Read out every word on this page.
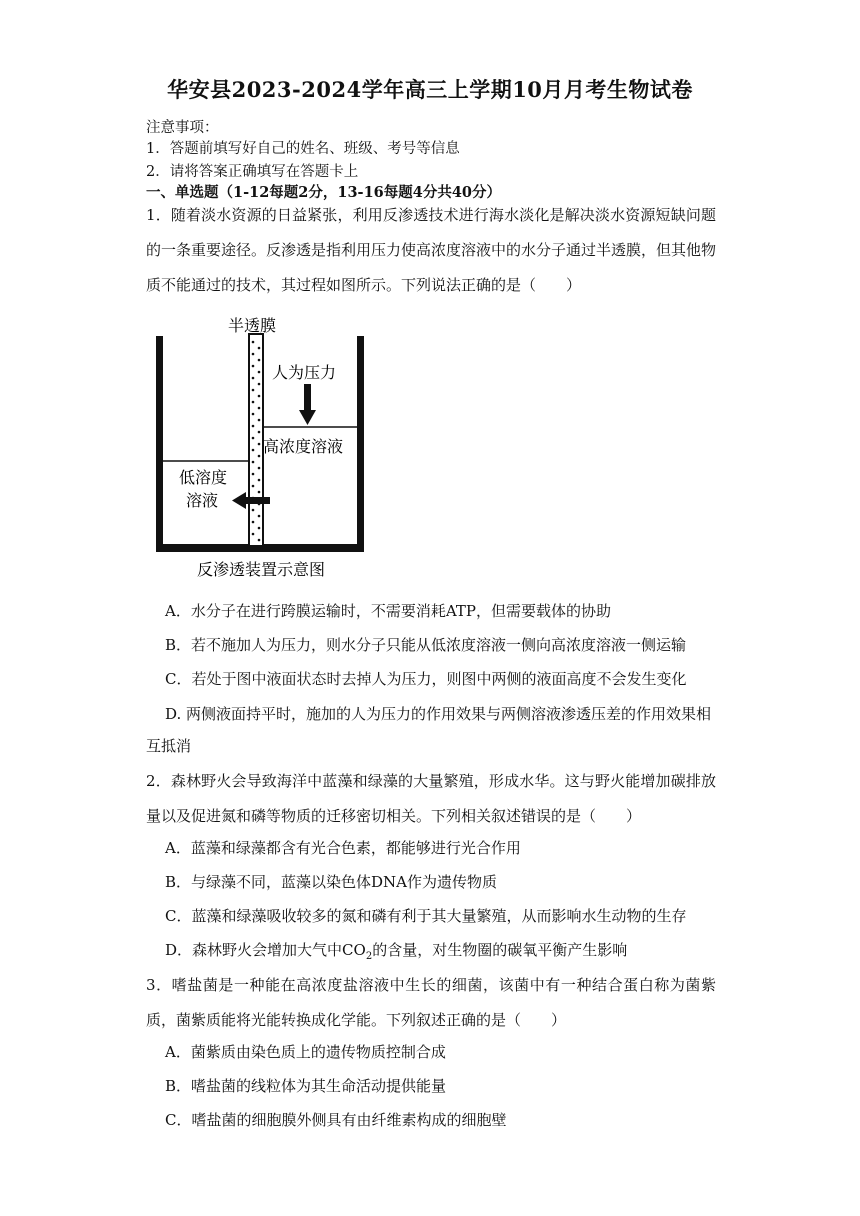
华安县2023-2024学年高三上学期10月月考生物试卷
注意事项：
1．答题前填写好自己的姓名、班级、考号等信息
2．请将答案正确填写在答题卡上
一、单选题（1-12每题2分，13-16每题4分共40分）

1．随着淡水资源的日益紧张，利用反渗透技术进行海水淡化是解决淡水资源短缺问题的一条重要途径。反渗透是指利用压力使高浓度溶液中的水分子通过半透膜，但其他物质不能通过的技术，其过程如图所示。下列说法正确的是（　　）

半透膜
人为压力
高浓度溶液
低溶度
溶液
反渗透装置示意图

A．水分子在进行跨膜运输时，不需要消耗ATP，但需要载体的协助

B．若不施加人为压力，则水分子只能从低浓度溶液一侧向高浓度溶液一侧运输

C．若处于图中液面状态时去掉人为压力，则图中两侧的液面高度不会发生变化

D. 两侧液面持平时，施加的人为压力的作用效果与两侧溶液渗透压差的作用效果相

互抵消

2．森林野火会导致海洋中蓝藻和绿藻的大量繁殖，形成水华。这与野火能增加碳排放量以及促进氮和磷等物质的迁移密切相关。下列相关叙述错误的是（　　）

A．蓝藻和绿藻都含有光合色素，都能够进行光合作用

B．与绿藻不同，蓝藻以染色体DNA作为遗传物质

C．蓝藻和绿藻吸收较多的氮和磷有利于其大量繁殖，从而影响水生动物的生存

D．森林野火会增加大气中$CO_2$的含量，对生物圈的碳氧平衡产生影响

3．嗜盐菌是一种能在高浓度盐溶液中生长的细菌，该菌中有一种结合蛋白称为菌紫质，菌紫质能将光能转换成化学能。下列叙述正确的是（　　）

A．菌紫质由染色质上的遗传物质控制合成

B．嗜盐菌的线粒体为其生命活动提供能量

C．嗜盐菌的细胞膜外侧具有由纤维素构成的细胞壁
